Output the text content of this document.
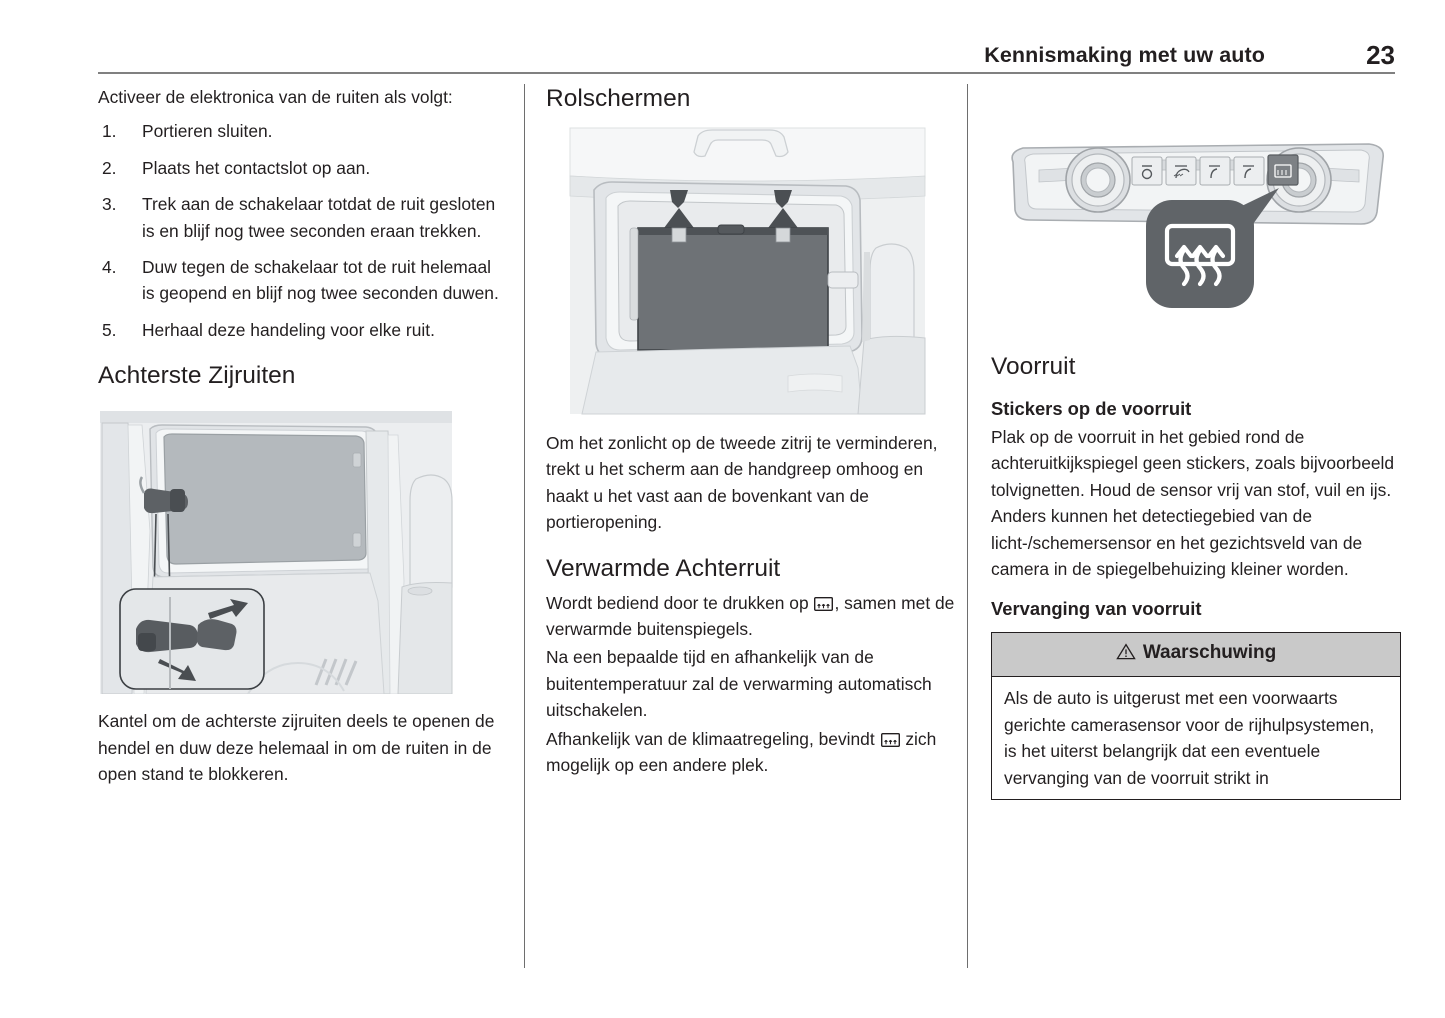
Kennismaking met uw auto	23

Activeer de elektronica van de ruiten als volgt:

Portieren sluiten.
Plaats het contactslot op aan.
Trek aan de schakelaar totdat de ruit gesloten is en blijf nog twee seconden eraan trekken.
Duw tegen de schakelaar tot de ruit helemaal is geopend en blijf nog twee seconden duwen.
Herhaal deze handeling voor elke ruit.
Achterste Zijruiten

Kantel om de achterste zijruiten deels te openen de hendel en duw deze helemaal in om de ruiten in de open stand te blokkeren.

Rolschermen

Om het zonlicht op de tweede zitrij te verminderen, trekt u het scherm aan de handgreep omhoog en haakt u het vast aan de bovenkant van de portieropening.

Verwarmde Achterruit

Wordt bediend door te drukken op
, samen met de verwarmde buitenspiegels.

Na een bepaalde tijd en afhankelijk van de buitentemperatuur zal de verwarming automatisch uitschakelen.

Afhankelijk van de klimaatregeling, bevindt
zich mogelijk op een andere plek.

Voorruit
Stickers op de voorruit

Plak op de voorruit in het gebied rond de achteruitkijkspiegel geen stickers, zoals bijvoorbeeld tolvignetten. Houd de sensor vrij van stof, vuil en ijs. Anders kunnen het detectiegebied van de licht-/schemersensor en het gezichtsveld van de camera in de spiegelbehuizing kleiner worden.

Vervanging van voorruit
Waarschuwing

Als de auto is uitgerust met een voorwaarts gerichte camerasensor voor de rijhulpsystemen, is het uiterst belangrijk dat een eventuele vervanging van de voorruit strikt in
